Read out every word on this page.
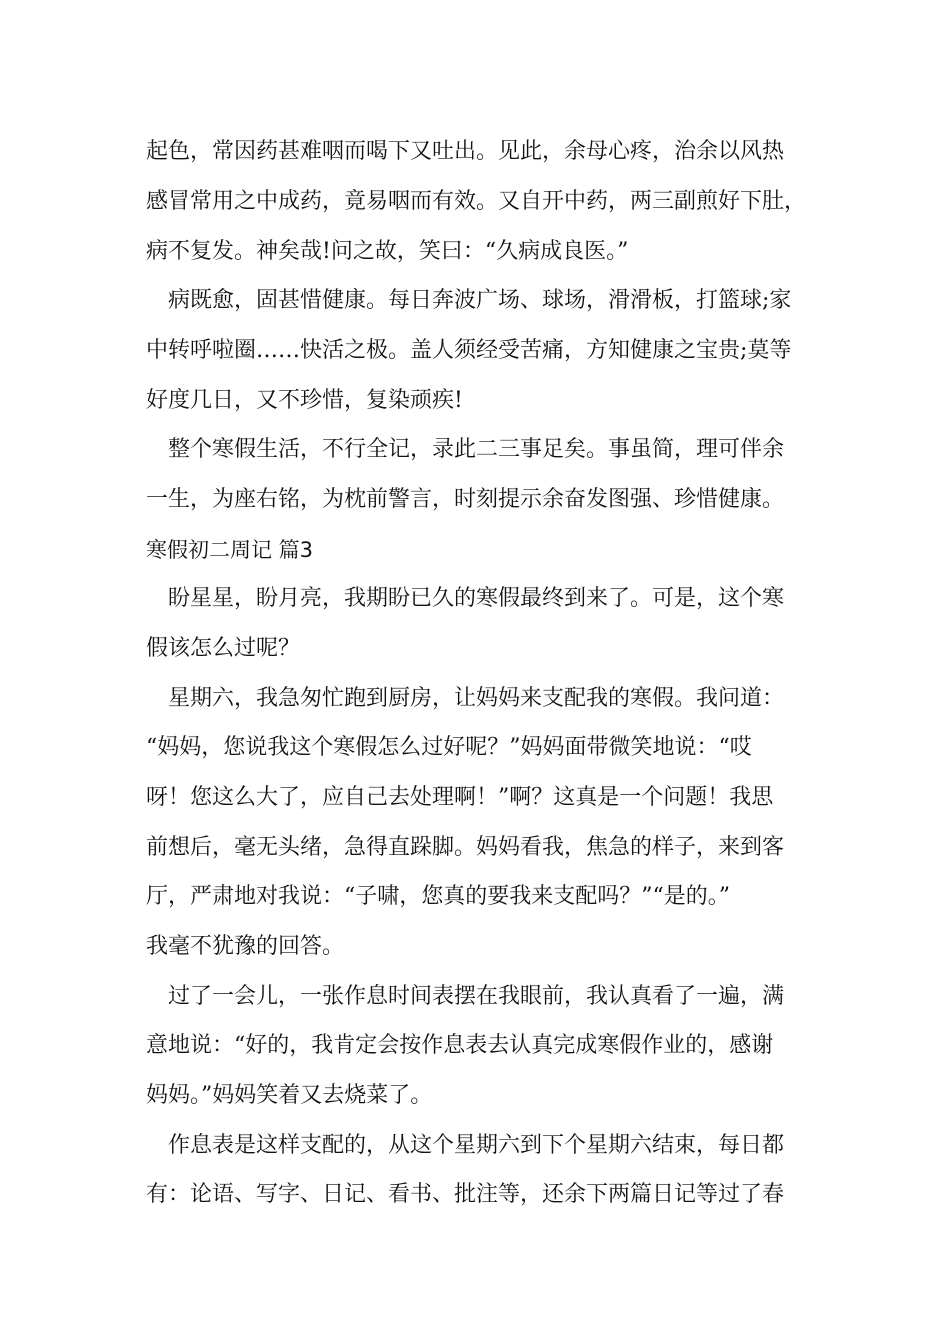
起色，常因药甚难咽而喝下又吐出。见此，余母心疼，治余以风热
感冒常用之中成药，竟易咽而有效。又自开中药，两三副煎好下肚，
病不复发。神矣哉!问之故，笑曰：“久病成良医。”
病既愈，固甚惜健康。每日奔波广场、球场，滑滑板，打篮球;家
中转呼啦圈……快活之极。盖人须经受苦痛，方知健康之宝贵;莫等
好度几日，又不珍惜，复染顽疾!
整个寒假生活，不行全记，录此二三事足矣。事虽简，理可伴余
一生，为座右铭，为枕前警言，时刻提示余奋发图强、珍惜健康。
寒假初二周记 篇3
盼星星，盼月亮，我期盼已久的寒假最终到来了。可是，这个寒
假该怎么过呢？
星期六，我急匆忙跑到厨房，让妈妈来支配我的寒假。我问道：
“妈妈，您说我这个寒假怎么过好呢？”妈妈面带微笑地说：“哎
呀！您这么大了，应自己去处理啊！”啊？这真是一个问题！我思
前想后，毫无头绪，急得直跺脚。妈妈看我，焦急的样子，来到客
厅，严肃地对我说：“子啸，您真的要我来支配吗？”“是的。”
我毫不犹豫的回答。
过了一会儿，一张作息时间表摆在我眼前，我认真看了一遍，满
意地说：“好的，我肯定会按作息表去认真完成寒假作业的，感谢
妈妈。”妈妈笑着又去烧菜了。
作息表是这样支配的，从这个星期六到下个星期六结束，每日都
有：论语、写字、日记、看书、批注等，还余下两篇日记等过了春
